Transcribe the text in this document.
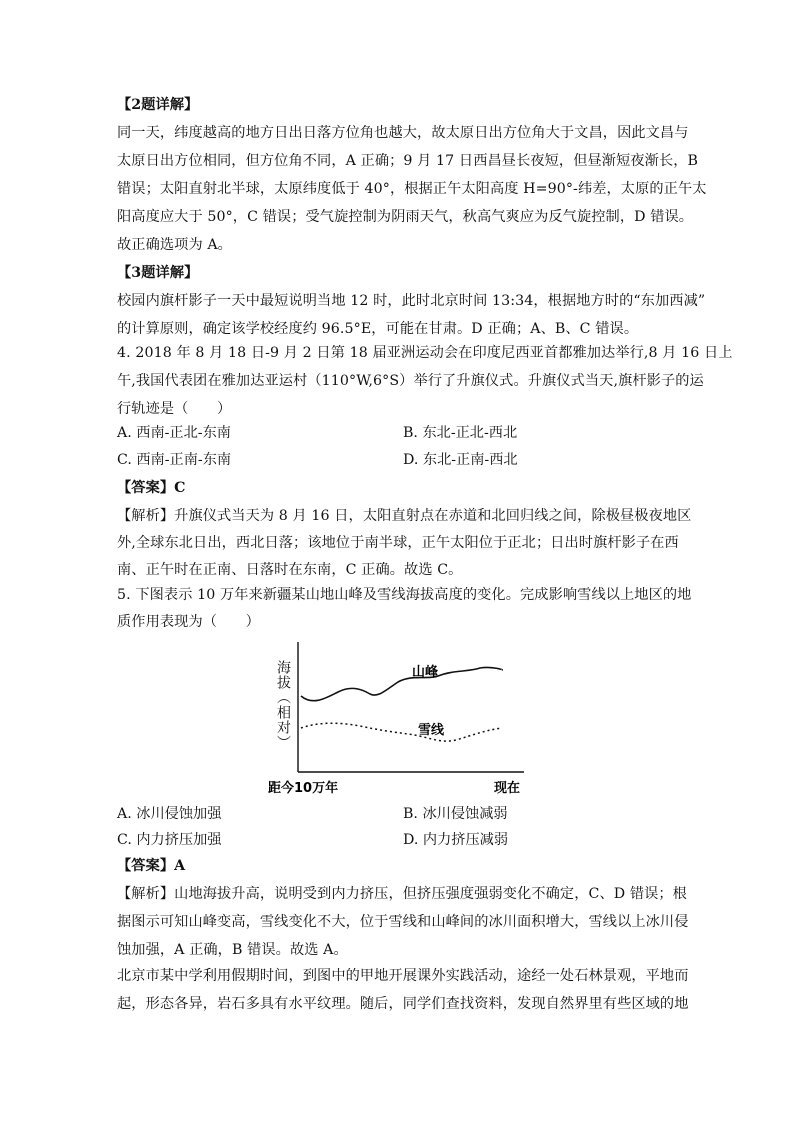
【2题详解】
同一天，纬度越高的地方日出日落方位角也越大，故太原日出方位角大于文昌，因此文昌与
太原日出方位相同，但方位角不同，A 正确；9 月 17 日西昌昼长夜短，但昼渐短夜渐长，B
错误；太阳直射北半球，太原纬度低于 40°，根据正午太阳高度 H=90°-纬差，太原的正午太
阳高度应大于 50°，C 错误；受气旋控制为阴雨天气，秋高气爽应为反气旋控制，D 错误。
故正确选项为 A。
【3题详解】
校园内旗杆影子一天中最短说明当地 12 时，此时北京时间 13:34，根据地方时的“东加西减”
的计算原则，确定该学校经度约 96.5°E，可能在甘肃。D 正确；A、B、C 错误。
4. 2018 年 8 月 18 日-9 月 2 日第 18 届亚洲运动会在印度尼西亚首都雅加达举行,8 月 16 日上
午,我国代表团在雅加达亚运村（110°W,6°S）举行了升旗仪式。升旗仪式当天,旗杆影子的运
行轨迹是（　　）
A. 西南-正北-东南	B. 东北-正北-西北
C. 西南-正南-东南	D. 东北-正南-西北
【答案】C
【解析】升旗仪式当天为 8 月 16 日，太阳直射点在赤道和北回归线之间，除极昼极夜地区
外,全球东北日出，西北日落；该地位于南半球，正午太阳位于正北；日出时旗杆影子在西
南、正午时在正南、日落时在东南，C 正确。故选 C。
5. 下图表示 10 万年来新疆某山地山峰及雪线海拔高度的变化。完成影响雪线以上地区的地
质作用表现为（　　）
海拔（相对）	山峰
雪线
距今10万年	现在
A. 冰川侵蚀加强	B. 冰川侵蚀减弱
C. 内力挤压加强	D. 内力挤压减弱
【答案】A
【解析】山地海拔升高，说明受到内力挤压，但挤压强度强弱变化不确定，C、D 错误；根
据图示可知山峰变高，雪线变化不大，位于雪线和山峰间的冰川面积增大，雪线以上冰川侵
蚀加强，A 正确，B 错误。故选 A。
北京市某中学利用假期时间，到图中的甲地开展课外实践活动，途经一处石林景观，平地而
起，形态各异，岩石多具有水平纹理。随后，同学们查找资料，发现自然界里有些区域的地
